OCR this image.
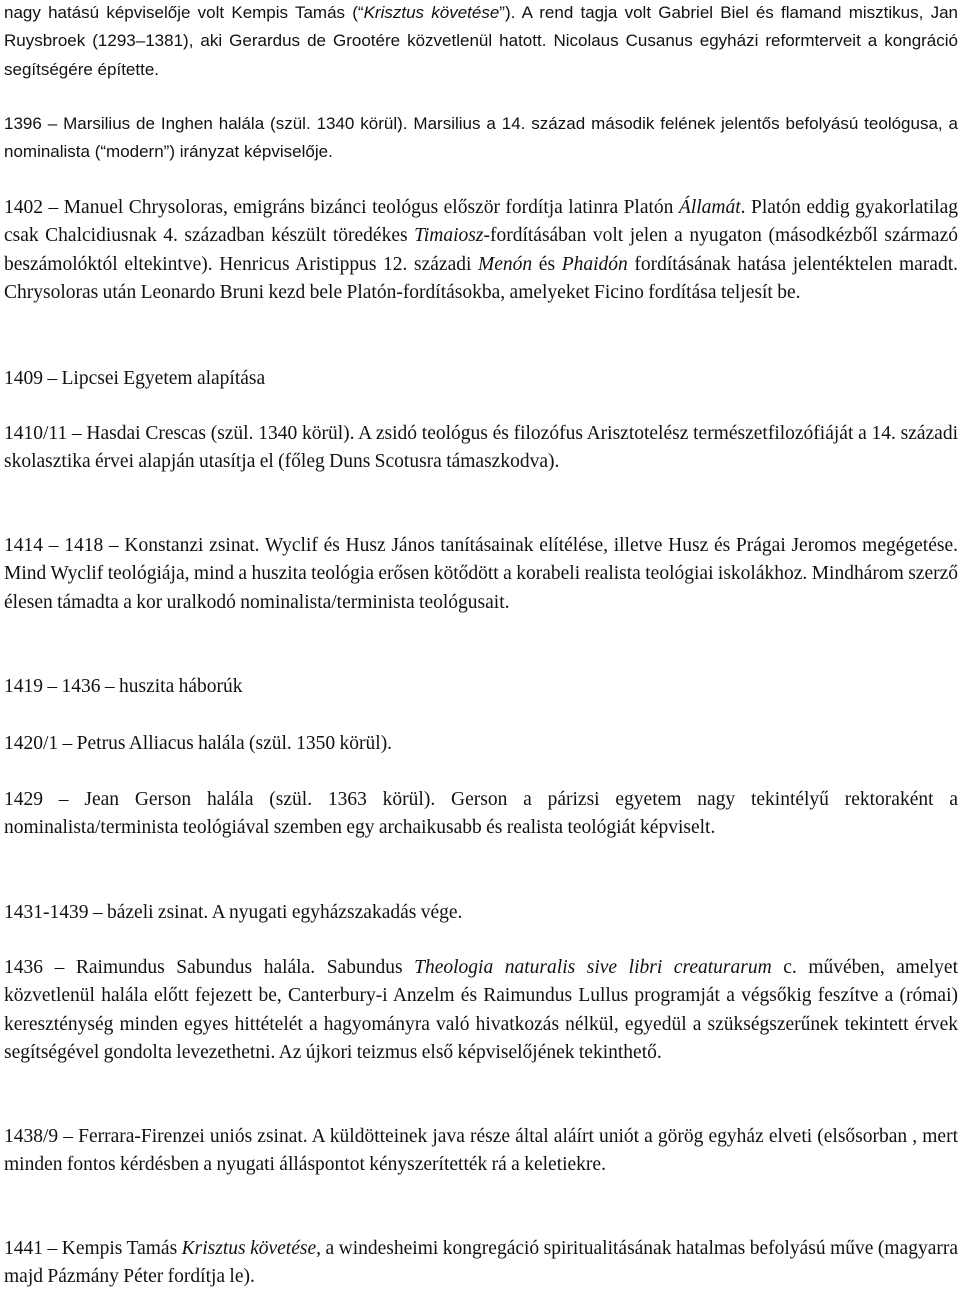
nagy hatású képviselője volt Kempis Tamás (“Krisztus követése”). A rend tagja volt Gabriel Biel és flamand misztikus, Jan Ruysbroek (1293–1381), aki Gerardus de Grootére közvetlenül hatott. Nicolaus Cusanus egyházi reformterveit a kongráció segítségére építette.

1396 – Marsilius de Inghen halála (szül. 1340 körül). Marsilius a 14. század második felének jelentős befolyású teológusa, a nominalista (“modern”) irányzat képviselője.

1402 – Manuel Chrysoloras, emigráns bizánci teológus először fordítja latinra Platón Államát. Platón eddig gyakorlatilag csak Chalcidiusnak 4. században készült töredékes Timaiosz-fordításában volt jelen a nyugaton (másodkézből származó beszámolóktól eltekintve). Henricus Aristippus 12. századi Menón és Phaidón fordításának hatása jelentéktelen maradt. Chrysoloras után Leonardo Bruni kezd bele Platón-fordításokba, amelyeket Ficino fordítása teljesít be.

1409 – Lipcsei Egyetem alapítása

1410/11 – Hasdai Crescas (szül. 1340 körül). A zsidó teológus és filozófus Arisztotelész természetfilozófiáját a 14. századi skolasztika érvei alapján utasítja el (főleg Duns Scotusra támaszkodva).

1414 – 1418 – Konstanzi zsinat. Wyclif és Husz János tanításainak elítélése, illetve Husz és Prágai Jeromos megégetése. Mind Wyclif teológiája, mind a huszita teológia erősen kötődött a korabeli realista teológiai iskolákhoz. Mindhárom szerző élesen támadta a kor uralkodó nominalista/terminista teológusait.

1419 – 1436 – huszita háborúk

1420/1 – Petrus Alliacus halála (szül. 1350 körül).

1429 – Jean Gerson halála (szül. 1363 körül). Gerson a párizsi egyetem nagy tekintélyű rektoraként a nominalista/terminista teológiával szemben egy archaikusabb és realista teológiát képviselt.

1431-1439 – bázeli zsinat. A nyugati egyházszakadás vége.

1436 – Raimundus Sabundus halála. Sabundus Theologia naturalis sive libri creaturarum c. művében, amelyet közvetlenül halála előtt fejezett be, Canterbury-i Anzelm és Raimundus Lullus programját a végsőkig feszítve a (római) kereszténység minden egyes hittételét a hagyományra való hivatkozás nélkül, egyedül a szükségszerűnek tekintett érvek segítségével gondolta levezethetni. Az újkori teizmus első képviselőjének tekinthető.

1438/9 – Ferrara-Firenzei uniós zsinat. A küldötteinek java része által aláírt uniót a görög egyház elveti (elsősorban , mert minden fontos kérdésben a nyugati álláspontot kényszerítették rá a keletiekre.

1441 – Kempis Tamás Krisztus követése, a windesheimi kongregáció spiritualitásának hatalmas befolyású műve (magyarra majd Pázmány Péter fordítja le).
